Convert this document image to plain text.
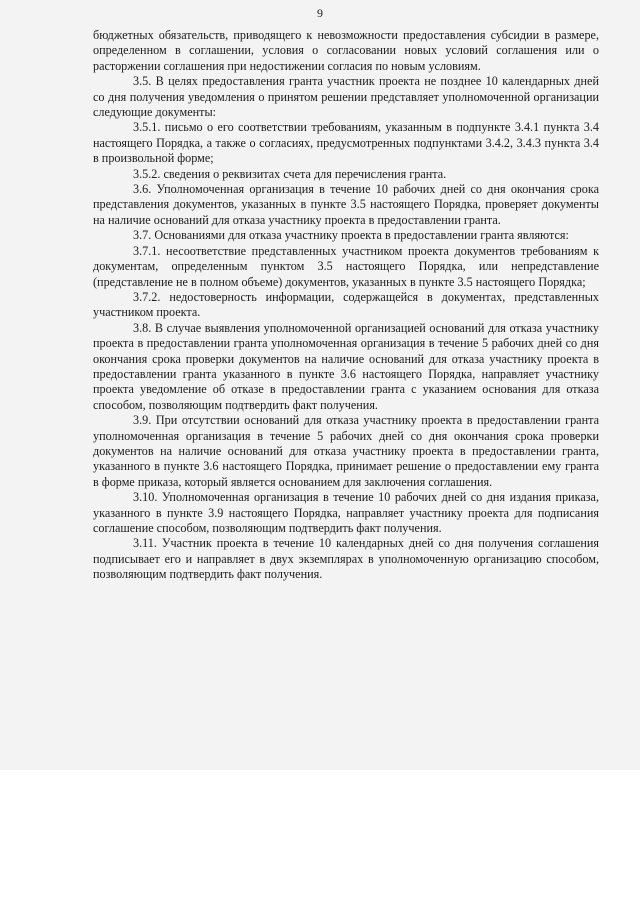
9

бюджетных обязательств, приводящего к невозможности предоставления субсидии в размере, определенном в соглашении, условия о согласовании новых условий соглашения или о расторжении соглашения при недостижении согласия по новым условиям.

3.5. В целях предоставления гранта участник проекта не позднее 10 календарных дней со дня получения уведомления о принятом решении представляет уполномоченной организации следующие документы:

3.5.1. письмо о его соответствии требованиям, указанным в подпункте 3.4.1 пункта 3.4 настоящего Порядка, а также о согласиях, предусмотренных подпунктами 3.4.2, 3.4.3 пункта 3.4 в произвольной форме;

3.5.2. сведения о реквизитах счета для перечисления гранта.

3.6. Уполномоченная организация в течение 10 рабочих дней со дня окончания срока представления документов, указанных в пункте 3.5 настоящего Порядка, проверяет документы на наличие оснований для отказа участнику проекта в предоставлении гранта.

3.7. Основаниями для отказа участнику проекта в предоставлении гранта являются:

3.7.1. несоответствие представленных участником проекта документов требованиям к документам, определенным пунктом 3.5 настоящего Порядка, или непредставление (представление не в полном объеме) документов, указанных в пункте 3.5 настоящего Порядка;

3.7.2. недостоверность информации, содержащейся в документах, представленных участником проекта.

3.8. В случае выявления уполномоченной организацией оснований для отказа участнику проекта в предоставлении гранта уполномоченная организация в течение 5 рабочих дней со дня окончания срока проверки документов на наличие оснований для отказа участнику проекта в предоставлении гранта указанного в пункте 3.6 настоящего Порядка, направляет участнику проекта уведомление об отказе в предоставлении гранта с указанием основания для отказа способом, позволяющим подтвердить факт получения.

3.9. При отсутствии оснований для отказа участнику проекта в предоставлении гранта уполномоченная организация в течение 5 рабочих дней со дня окончания срока проверки документов на наличие оснований для отказа участнику проекта в предоставлении гранта, указанного в пункте 3.6 настоящего Порядка, принимает решение о предоставлении ему гранта в форме приказа, который является основанием для заключения соглашения.

3.10. Уполномоченная организация в течение 10 рабочих дней со дня издания приказа, указанного в пункте 3.9 настоящего Порядка, направляет участнику проекта для подписания соглашение способом, позволяющим подтвердить факт получения.

3.11. Участник проекта в течение 10 календарных дней со дня получения соглашения подписывает его и направляет в двух экземплярах в уполномоченную организацию способом, позволяющим подтвердить факт получения.
